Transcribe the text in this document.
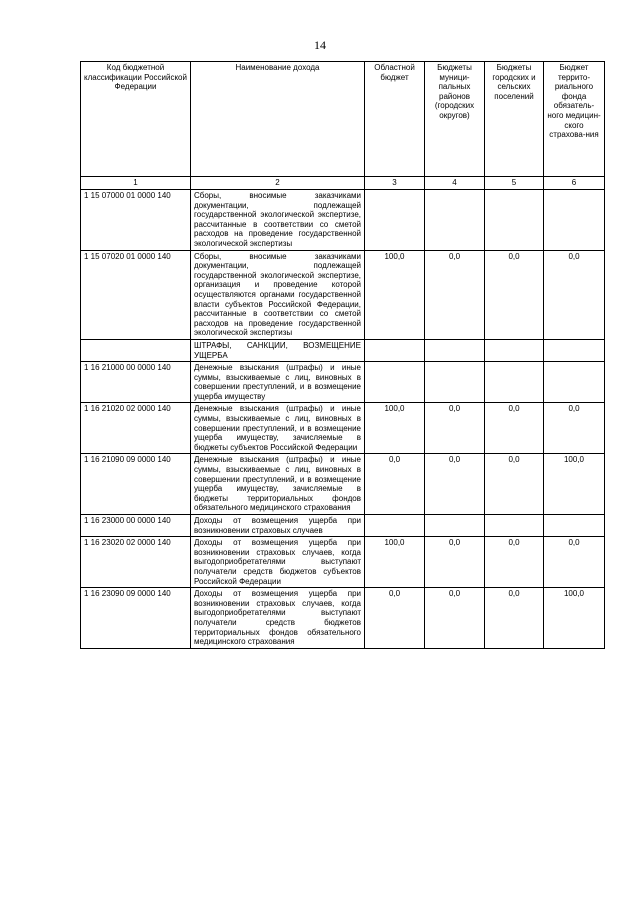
14
Код бюджетной классификации Российской Федерации	Наименование дохода	Областной бюджет	Бюджеты муници-пальных районов (городских округов)	Бюджеты городских и сельских поселений	Бюджет террито-риального фонда обязатель-ного медицин-ского страхова-ния
1	2	3	4	5	6
1 15 07000 01 0000 140	Сборы, вносимые заказчиками документации, подлежащей государственной экологической экспертизе, рассчитанные в соответствии со сметой расходов на проведение государственной экологической экспертизы				
1 15 07020 01 0000 140	Сборы, вносимые заказчиками документации, подлежащей государственной экологической экспертизе, организация и проведение которой осуществляются органами государственной власти субъектов Российской Федерации, рассчитанные в соответствии со сметой расходов на проведение государственной экологической экспертизы	100,0	0,0	0,0	0,0
	ШТРАФЫ, САНКЦИИ, ВОЗМЕЩЕНИЕ УЩЕРБА				
1 16 21000 00 0000 140	Денежные взыскания (штрафы) и иные суммы, взыскиваемые с лиц, виновных в совершении преступлений, и в возмещение ущерба имуществу				
1 16 21020 02 0000 140	Денежные взыскания (штрафы) и иные суммы, взыскиваемые с лиц, виновных в совершении преступлений, и в возмещение ущерба имуществу, зачисляемые в бюджеты субъектов Российской Федерации	100,0	0,0	0,0	0,0
1 16 21090 09 0000 140	Денежные взыскания (штрафы) и иные суммы, взыскиваемые с лиц, виновных в совершении преступлений, и в возмещение ущерба имуществу, зачисляемые в бюджеты территориальных фондов обязательного медицинского страхования	0,0	0,0	0,0	100,0
1 16 23000 00 0000 140	Доходы от возмещения ущерба при возникновении страховых случаев				
1 16 23020 02 0000 140	Доходы от возмещения ущерба при возникновении страховых случаев, когда выгодоприобретателями выступают получатели средств бюджетов субъектов Российской Федерации	100,0	0,0	0,0	0,0
1 16 23090 09 0000 140	Доходы от возмещения ущерба при возникновении страховых случаев, когда выгодоприобретателями выступают получатели средств бюджетов территориальных фондов обязательного медицинского страхования	0,0	0,0	0,0	100,0
